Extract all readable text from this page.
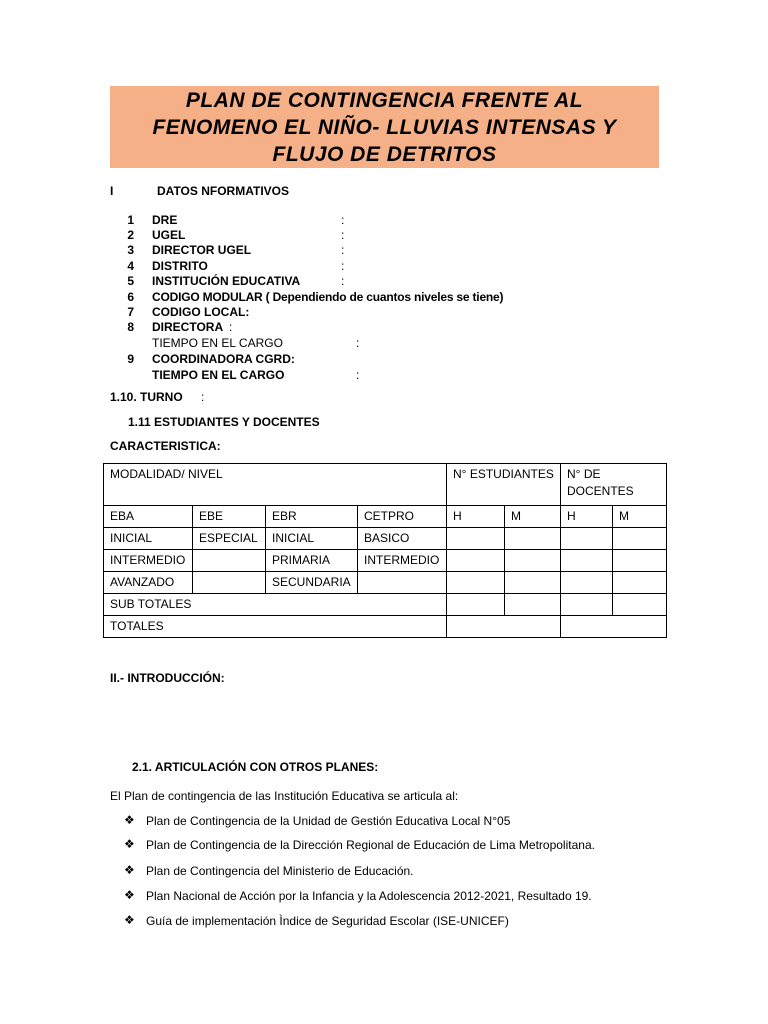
PLAN DE CONTINGENCIA FRENTE AL
FENOMENO EL NIÑO- LLUVIAS INTENSAS Y
FLUJO DE DETRITOS
I	DATOS NFORMATIVOS
1 DRE	:
2 UGEL	:
3 DIRECTOR UGEL	:
4 DISTRITO	:
5 INSTITUCIÓN EDUCATIVA	:
6 CODIGO MODULAR ( Dependiendo de cuantos niveles se tiene)
7 CODIGO LOCAL:
8 DIRECTORA :
TIEMPO EN EL CARGO	:
9 COORDINADORA CGRD:
TIEMPO EN EL CARGO	:
1.10. TURNO :
1.11 ESTUDIANTES Y DOCENTES
CARACTERISTICA:
MODALIDAD/ NIVEL				N° ESTUDIANTES		N° DE DOCENTES	
EBA	EBE	EBR	CETPRO	H	M	H	M
INICIAL	ESPECIAL	INICIAL	BASICO				
INTERMEDIO		PRIMARIA	INTERMEDIO				
AVANZADO		SECUNDARIA					
SUB TOTALES							
TOTALES							
II.- INTRODUCCIÓN:
2.1. ARTICULACIÓN CON OTROS PLANES:
El Plan de contingencia de las Institución Educativa se articula al:
❖ Plan de Contingencia de la Unidad de Gestión Educativa Local N°05
❖ Plan de Contingencia de la Dirección Regional de Educación de Lima Metropolitana.
❖ Plan de Contingencia del Ministerio de Educación.
❖ Plan Nacional de Acción por la Infancia y la Adolescencia 2012-2021, Resultado 19.
❖ Guía de implementación Ìndice de Seguridad Escolar (ISE-UNICEF)
